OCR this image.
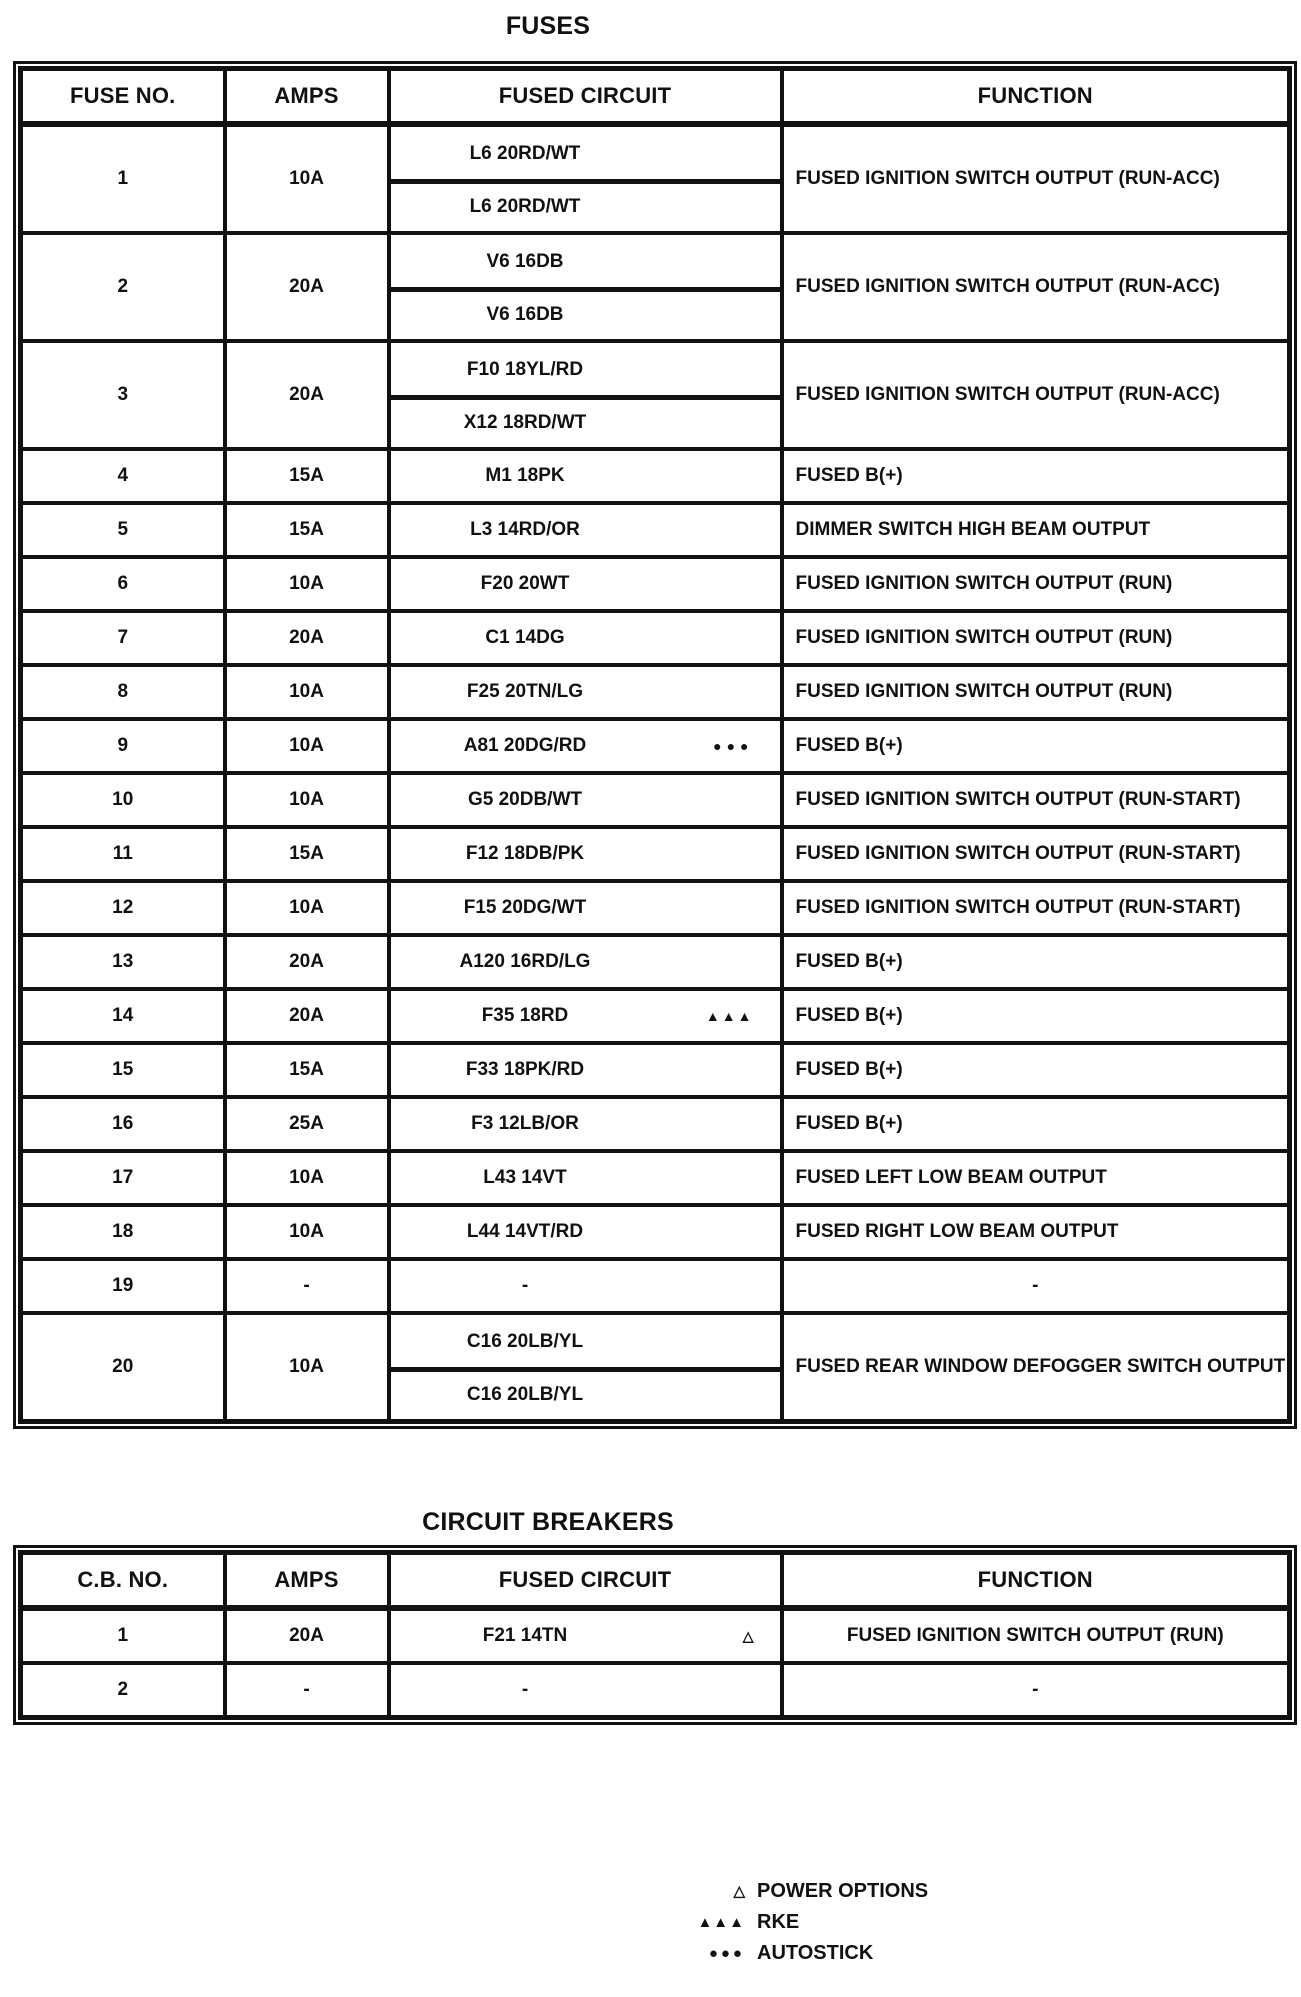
FUSES
FUSE NO.	AMPS	FUSED CIRCUIT	FUNCTION
1	10A	L6 20RD/WT
L6 20RD/WT	FUSED IGNITION SWITCH OUTPUT (RUN-ACC)
2	20A	V6 16DB
V6 16DB	FUSED IGNITION SWITCH OUTPUT (RUN-ACC)
3	20A	F10 18YL/RD
X12 18RD/WT	FUSED IGNITION SWITCH OUTPUT (RUN-ACC)
4	15A	M1 18PK	FUSED B(+)
5	15A	L3 14RD/OR	DIMMER SWITCH HIGH BEAM OUTPUT
6	10A	F20 20WT	FUSED IGNITION SWITCH OUTPUT (RUN)
7	20A	C1 14DG	FUSED IGNITION SWITCH OUTPUT (RUN)
8	10A	F25 20TN/LG	FUSED IGNITION SWITCH OUTPUT (RUN)
9	10A	A81 20DG/RD ●●●	FUSED B(+)
10	10A	G5 20DB/WT	FUSED IGNITION SWITCH OUTPUT (RUN-START)
11	15A	F12 18DB/PK	FUSED IGNITION SWITCH OUTPUT (RUN-START)
12	10A	F15 20DG/WT	FUSED IGNITION SWITCH OUTPUT (RUN-START)
13	20A	A120 16RD/LG	FUSED B(+)
14	20A	F35 18RD ▲▲▲	FUSED B(+)
15	15A	F33 18PK/RD	FUSED B(+)
16	25A	F3 12LB/OR	FUSED B(+)
17	10A	L43 14VT	FUSED LEFT LOW BEAM OUTPUT
18	10A	L44 14VT/RD	FUSED RIGHT LOW BEAM OUTPUT
19	-	-	-
20	10A	C16 20LB/YL
C16 20LB/YL	FUSED REAR WINDOW DEFOGGER SWITCH OUTPUT
CIRCUIT BREAKERS
C.B. NO.	AMPS	FUSED CIRCUIT	FUNCTION
1	20A	F21 14TN △	FUSED IGNITION SWITCH OUTPUT (RUN)
2	-	-	-
△ POWER OPTIONS
▲▲▲ RKE
●●● AUTOSTICK
